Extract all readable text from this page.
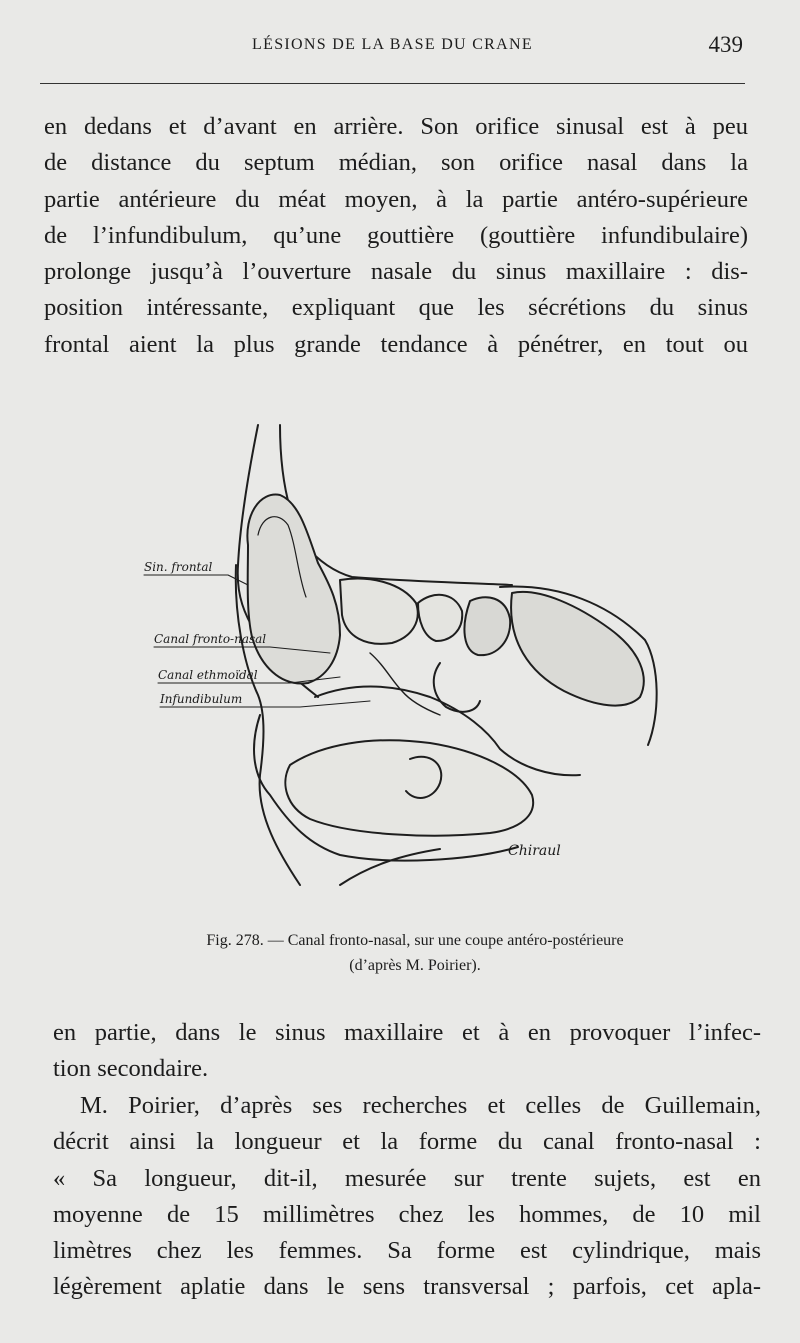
LÉSIONS DE LA BASE DU CRANE	439

en dedans et d’avant en arrière. Son orifice sinusal est à peu
de distance du septum médian, son orifice nasal dans la
partie antérieure du méat moyen, à la partie antéro-supérieure
de l’infundibulum, qu’une gouttière (gouttière infundibulaire)
prolonge jusqu’à l’ouverture nasale du sinus maxillaire : dis-
position intéressante, expliquant que les sécrétions du sinus
frontal aient la plus grande tendance à pénétrer, en tout ou

Sin. frontal
Canal fronto-nasal
Canal ethmoïdal
Infundibulum
Chiraul
Fig. 278. — Canal fronto-nasal, sur une coupe antéro-postérieure
(d’après M. Poirier).

en partie, dans le sinus maxillaire et à en provoquer l’infec-
tion secondaire.

M. Poirier, d’après ses recherches et celles de Guillemain,
décrit ainsi la longueur et la forme du canal fronto-nasal :
« Sa longueur, dit-il, mesurée sur trente sujets, est en
moyenne de 15 millimètres chez les hommes, de 10 mil
limètres chez les femmes. Sa forme est cylindrique, mais
légèrement aplatie dans le sens transversal ; parfois, cet apla-
